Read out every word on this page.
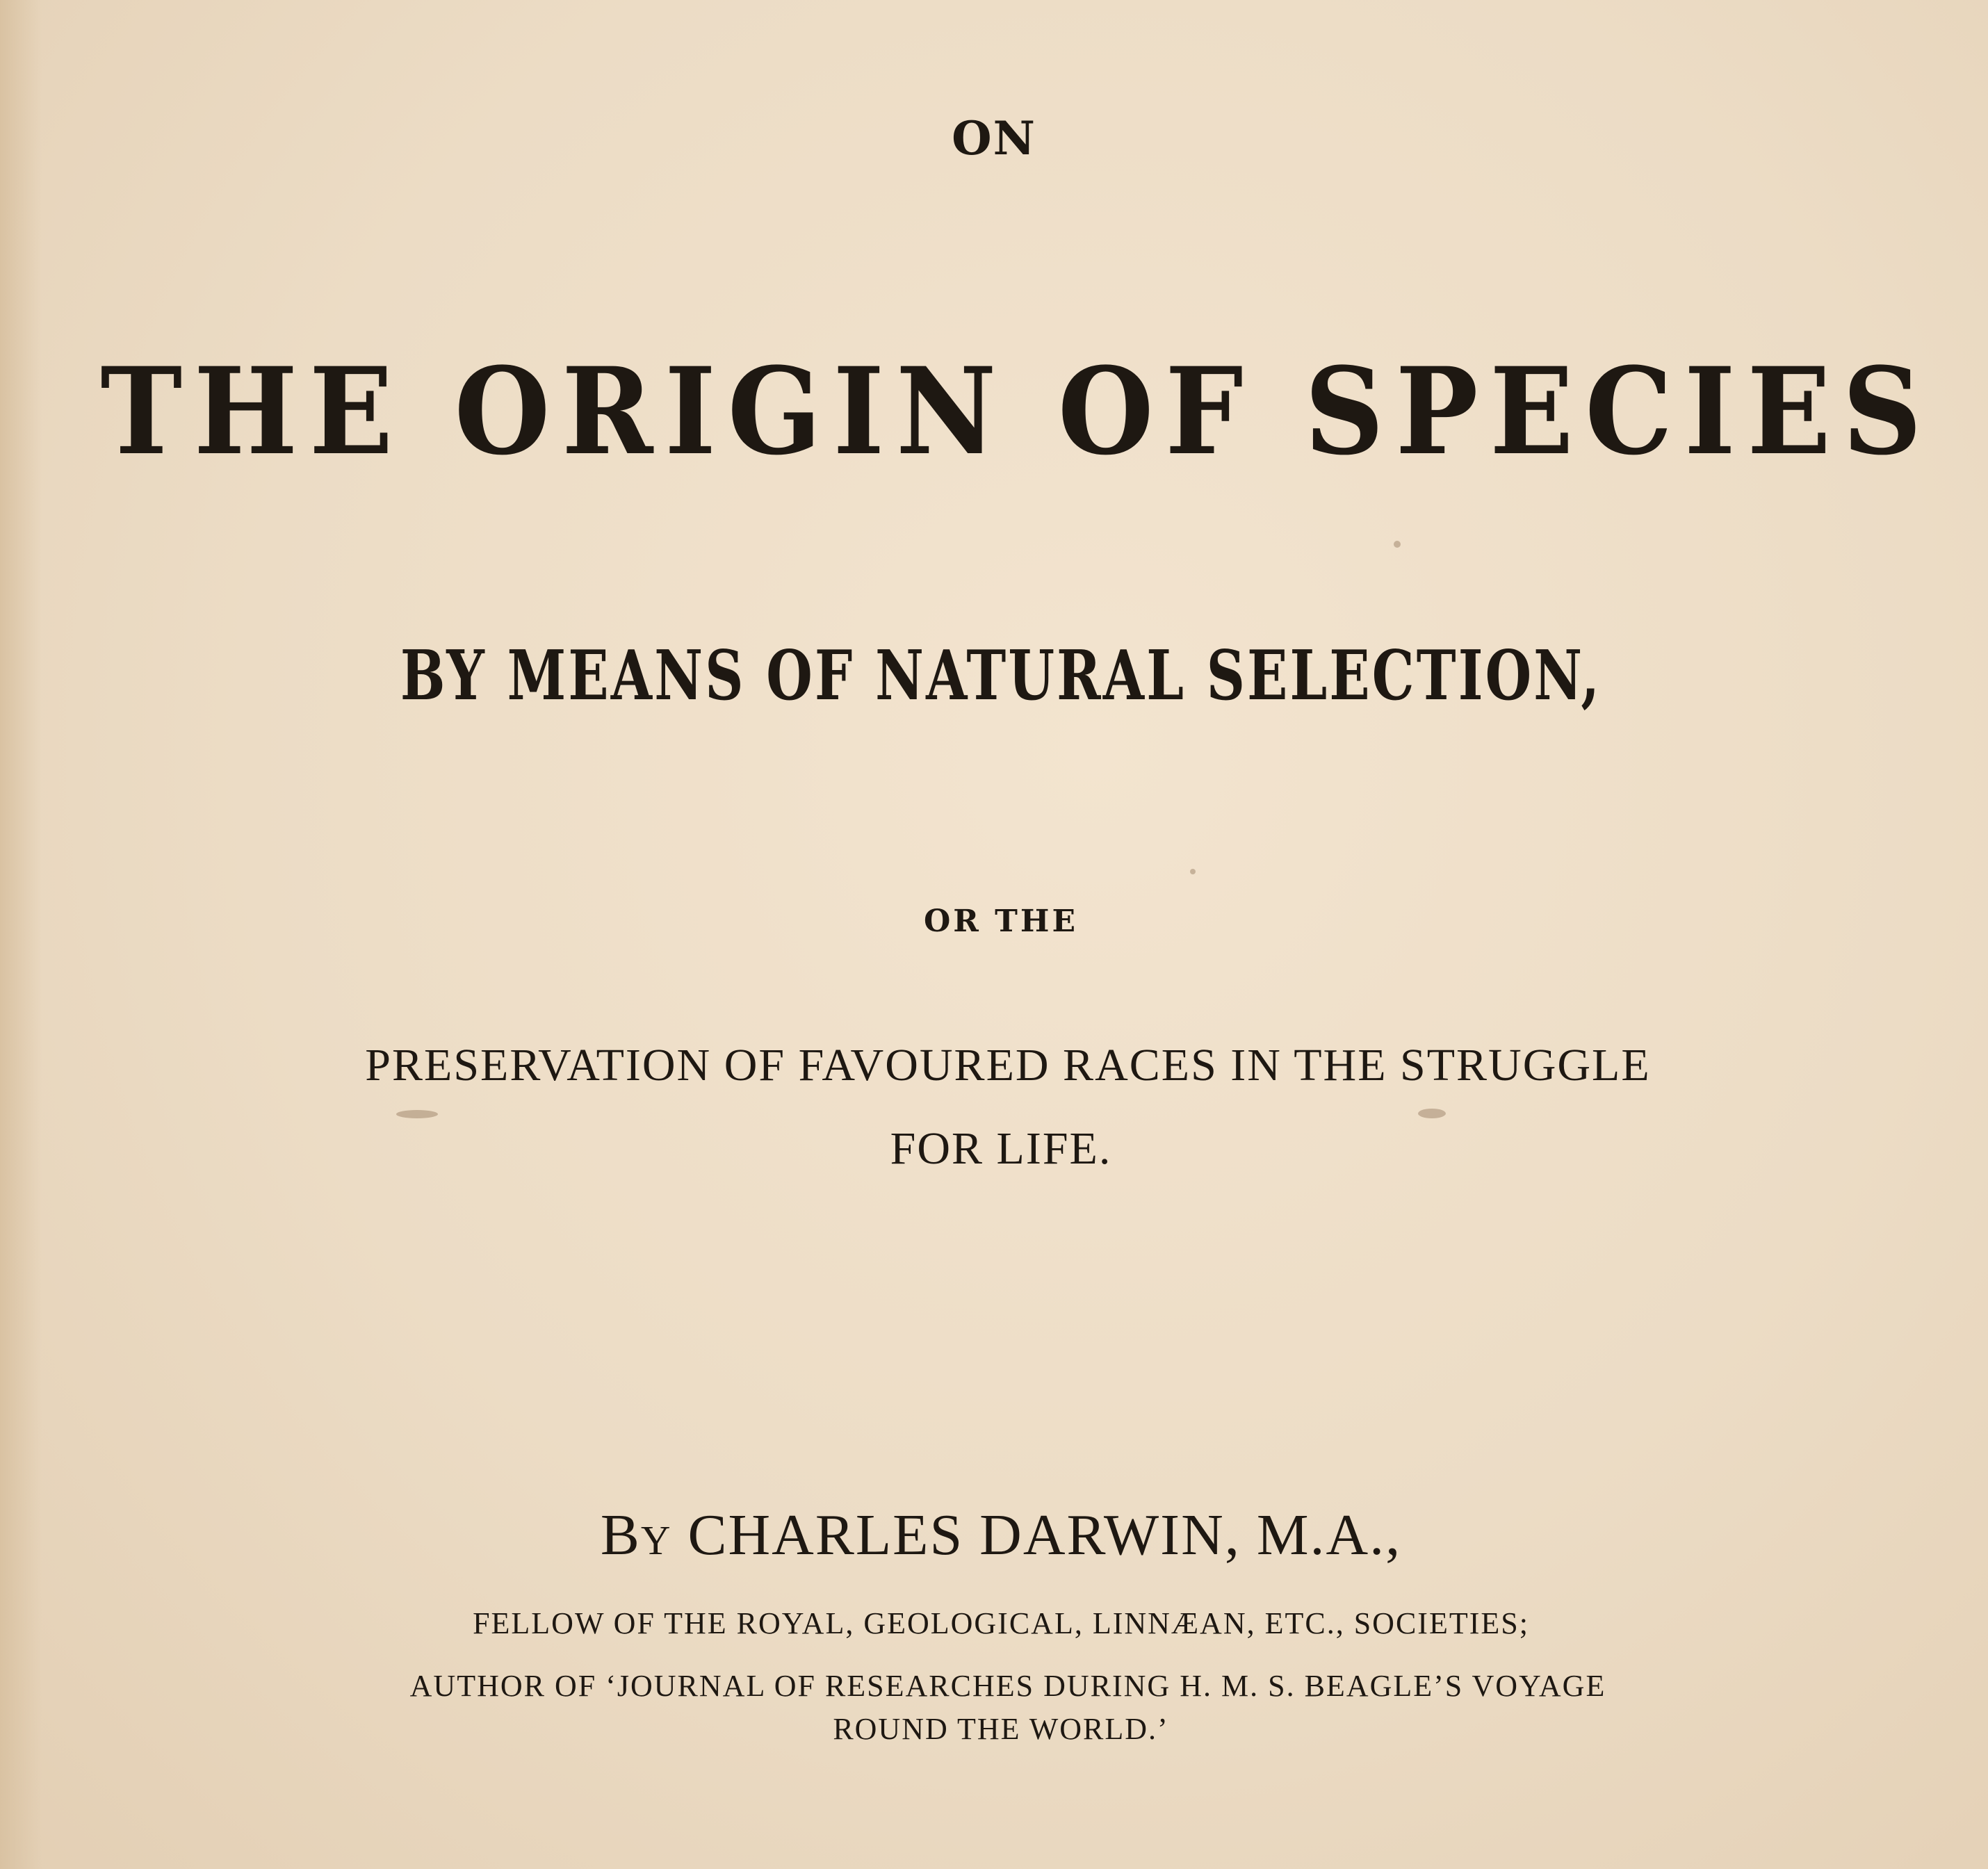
ON
THE ORIGIN OF SPECIES
BY MEANS OF NATURAL SELECTION,
OR THE
PRESERVATION OF FAVOURED RACES IN THE STRUGGLE
FOR LIFE.
By CHARLES DARWIN, M.A.,
FELLOW OF THE ROYAL, GEOLOGICAL, LINNÆAN, ETC., SOCIETIES;
AUTHOR OF ‘JOURNAL OF RESEARCHES DURING H. M. S. BEAGLE’S VOYAGE
ROUND THE WORLD.’
